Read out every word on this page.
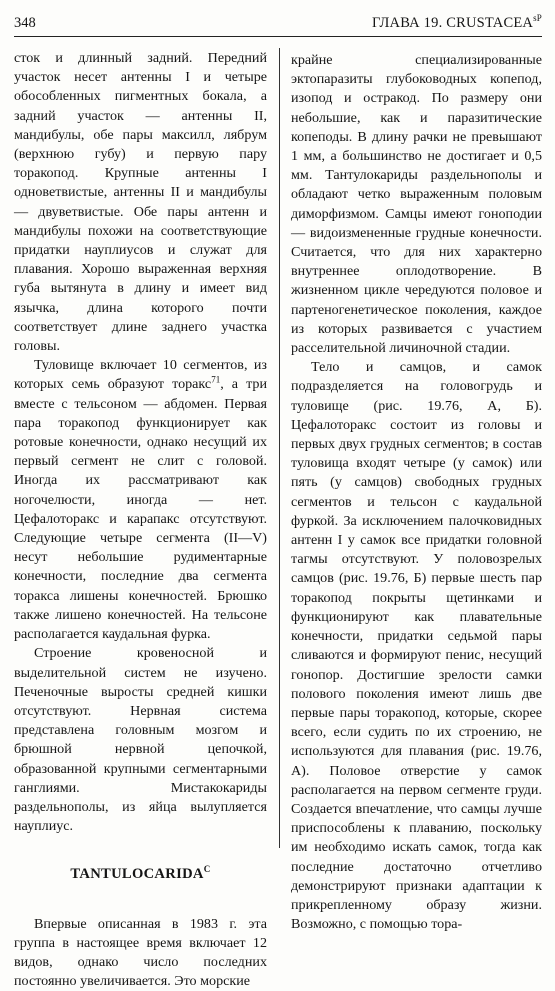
348	ГЛАВА 19. $CRUSTACEA^{sP}$

сток и длинный задний. Передний участок несет антенны I и четыре обособленных пигментных бокала, а задний участок — антенны II, мандибулы, обе пары максилл, лябрум (верхнюю губу) и первую пару торакопод. Крупные антенны I одноветвистые, антенны II и мандибулы — двуветвистые. Обе пары антенн и мандибулы похожи на соответствующие придатки науплиусов и служат для плавания. Хорошо выраженная верхняя губа вытянута в длину и имеет вид язычка, длина которого почти соответствует длине заднего участка головы.

Туловище включает 10 сегментов, из которых семь образуют торакс$^{71}$, а три вместе с тельсоном — абдомен. Первая пара торакопод функционирует как ротовые конечности, однако несущий их первый сегмент не слит с головой. Иногда их рассматривают как ногочелюсти, иногда — нет. Цефалоторакс и карапакс отсутствуют. Следующие четыре сегмента (II—V) несут небольшие рудиментарные конечности, последние два сегмента торакса лишены конечностей. Брюшко также лишено конечностей. На тельсоне располагается каудальная фурка.

Строение кровеносной и выделительной систем не изучено. Печеночные выросты средней кишки отсутствуют. Нервная система представлена головным мозгом и брюшной нервной цепочкой, образованной крупными сегментарными ганглиями. Мистакокариды раздельнополы, из яйца вылупляется науплиус.

$TANTULOCARIDA^C$

Впервые описанная в 1983 г. эта группа в настоящее время включает 12 видов, однако число последних постоянно увеличивается. Это морские

крайне специализированные эктопаразиты глубоководных копепод, изопод и остракод. По размеру они небольшие, как и паразитические копеподы. В длину рачки не превышают 1 мм, а большинство не достигает и 0,5 мм. Тантулокариды раздельнополы и обладают четко выраженным половым диморфизмом. Самцы имеют гоноподии — видоизмененные грудные конечности. Считается, что для них характерно внутреннее оплодотворение. В жизненном цикле чередуются половое и партеногенетическое поколения, каждое из которых развивается с участием расселительной личиночной стадии.

Тело и самцов, и самок подразделяется на головогрудь и туловище (рис. 19.76, А, Б). Цефалоторакс состоит из головы и первых двух грудных сегментов; в состав туловища входят четыре (у самок) или пять (у самцов) свободных грудных сегментов и тельсон с каудальной фуркой. За исключением палочковидных антенн I у самок все придатки головной тагмы отсутствуют. У половозрелых самцов (рис. 19.76, Б) первые шесть пар торакопод покрыты щетинками и функционируют как плавательные конечности, придатки седьмой пары сливаются и формируют пенис, несущий гонопор. Достигшие зрелости самки полового поколения имеют лишь две первые пары торакопод, которые, скорее всего, если судить по их строению, не используются для плавания (рис. 19.76, А). Половое отверстие у самок располагается на первом сегменте груди. Создается впечатление, что самцы лучше приспособлены к плаванию, поскольку им необходимо искать самок, тогда как последние достаточно отчетливо демонстрируют признаки адаптации к прикрепленному образу жизни. Возможно, с помощью тора-
